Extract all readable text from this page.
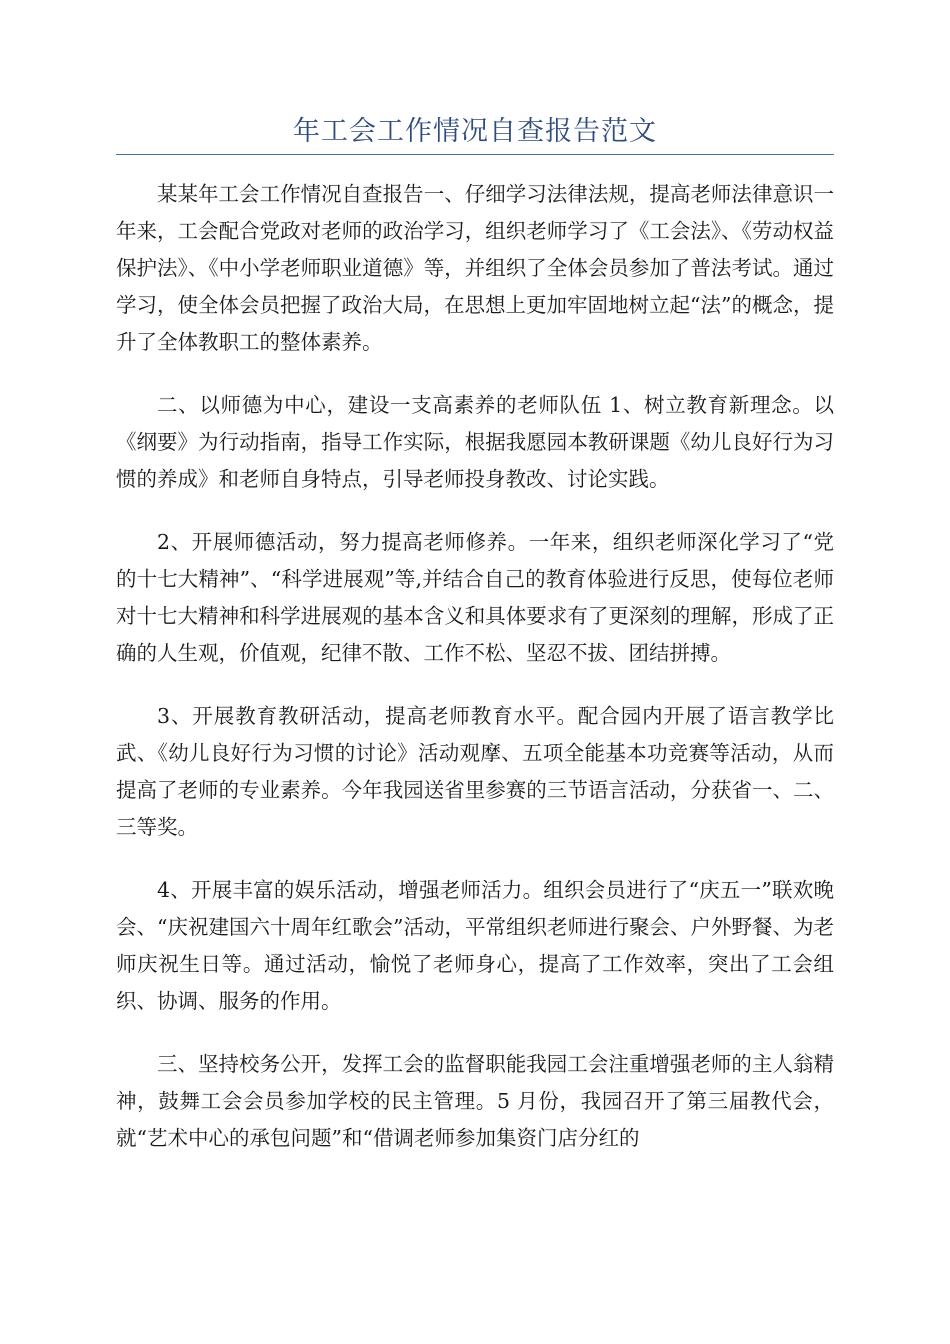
年工会工作情况自查报告范文

某某年工会工作情况自查报告一、仔细学习法律法规，提高老师法律意识一年来，工会配合党政对老师的政治学习，组织老师学习了《工会法》、《劳动权益保护法》、《中小学老师职业道德》等，并组织了全体会员参加了普法考试。通过学习，使全体会员把握了政治大局，在思想上更加牢固地树立起“法”的概念，提升了全体教职工的整体素养。

二、以师德为中心，建设一支高素养的老师队伍 1、树立教育新理念。以《纲要》为行动指南，指导工作实际，根据我愿园本教研课题《幼儿良好行为习惯的养成》和老师自身特点，引导老师投身教改、讨论实践。

2、开展师德活动，努力提高老师修养。一年来，组织老师深化学习了“党的十七大精神”、“科学进展观”等,并结合自己的教育体验进行反思，使每位老师对十七大精神和科学进展观的基本含义和具体要求有了更深刻的理解，形成了正确的人生观，价值观，纪律不散、工作不松、坚忍不拔、团结拼搏。

3、开展教育教研活动，提高老师教育水平。配合园内开展了语言教学比武、《幼儿良好行为习惯的讨论》活动观摩、五项全能基本功竞赛等活动，从而提高了老师的专业素养。今年我园送省里参赛的三节语言活动，分获省一、二、三等奖。

4、开展丰富的娱乐活动，增强老师活力。组织会员进行了“庆五一”联欢晚会、“庆祝建国六十周年红歌会”活动，平常组织老师进行聚会、户外野餐、为老师庆祝生日等。通过活动，愉悦了老师身心，提高了工作效率，突出了工会组织、协调、服务的作用。

三、坚持校务公开，发挥工会的监督职能我园工会注重增强老师的主人翁精神，鼓舞工会会员参加学校的民主管理。5 月份，我园召开了第三届教代会，就“艺术中心的承包问题”和“借调老师参加集资门店分红的
